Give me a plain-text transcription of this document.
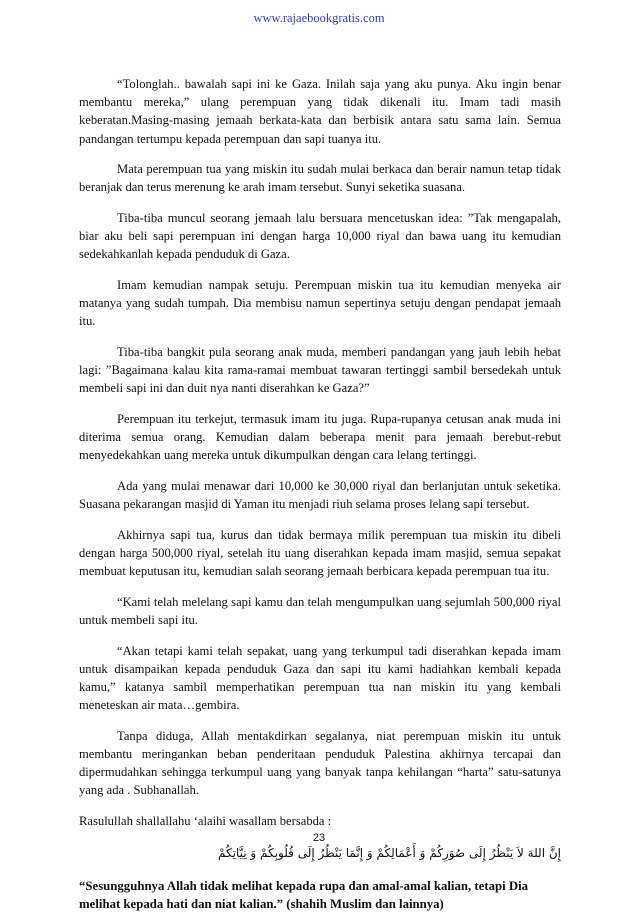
www.rajaebookgratis.com

“Tolonglah.. bawalah sapi ini ke Gaza. Inilah saja yang aku punya. Aku ingin benar membantu mereka,” ulang perempuan yang tidak dikenali itu. Imam tadi masih keberatan.Masing-masing jemaah berkata-kata dan berbisik antara satu sama lain. Semua pandangan tertumpu kepada perempuan dan sapi tuanya itu.

Mata perempuan tua yang miskin itu sudah mulai berkaca dan berair namun tetap tidak beranjak dan terus merenung ke arah imam tersebut. Sunyi seketika suasana.

Tiba-tiba muncul seorang jemaah lalu bersuara mencetuskan idea: ”Tak mengapalah, biar aku beli sapi perempuan ini dengan harga 10,000 riyal dan bawa uang itu kemudian sedekahkanlah kepada penduduk di Gaza.

Imam kemudian nampak setuju. Perempuan miskin tua itu kemudian menyeka air matanya yang sudah tumpah. Dia membisu namun sepertinya setuju dengan pendapat jemaah itu.

Tiba-tiba bangkit pula seorang anak muda, memberi pandangan yang jauh lebih hebat lagi: ”Bagaimana kalau kita rama-ramai membuat tawaran tertinggi sambil bersedekah untuk membeli sapi ini dan duit nya nanti diserahkan ke Gaza?”

Perempuan itu terkejut, termasuk imam itu juga. Rupa-rupanya cetusan anak muda ini diterima semua orang. Kemudian dalam beberapa menit para jemaah berebut-rebut menyedekahkan uang mereka untuk dikumpulkan dengan cara lelang tertinggi.

Ada yang mulai menawar dari 10,000 ke 30,000 riyal dan berlanjutan untuk seketika. Suasana pekarangan masjid di Yaman itu menjadi riuh selama proses lelang sapi tersebut.

Akhirnya sapi tua, kurus dan tidak bermaya milik perempuan tua miskin itu dibeli dengan harga 500,000 riyal, setelah itu uang diserahkan kepada imam masjid, semua sepakat membuat keputusan itu, kemudian salah seorang jemaah berbicara kepada perempuan tua itu.

“Kami telah melelang sapi kamu dan telah mengumpulkan uang sejumlah 500,000 riyal untuk membeli sapi itu.

“Akan tetapi kami telah sepakat, uang yang terkumpul tadi diserahkan kepada imam untuk disampaikan kepada penduduk Gaza dan sapi itu kami hadiahkan kembali kepada kamu,” katanya sambil memperhatikan perempuan tua nan miskin itu yang kembali meneteskan air mata…gembira.

Tanpa diduga, Allah mentakdirkan segalanya, niat perempuan miskin itu untuk membantu meringankan beban penderitaan penduduk Palestina akhirnya tercapai dan dipermudahkan sehingga terkumpul uang yang banyak tanpa kehilangan “harta” satu-satunya yang ada . Subhanallah.

Rasulullah shallallahu ‘alaihi wasallam bersabda :

إِنَّ اللهَ لاَ يَنْظُرُ إِلَى صُوَرِكُمْ وَ أَعْمَالِكُمْ وَ إِنَّمَا يَنْظُرُ إِلَى قُلُوبِكُمْ وَ نِيَّاتِكُمْ

“Sesungguhnya Allah tidak melihat kepada rupa dan amal-amal kalian, tetapi Dia melihat kepada hati dan niat kalian.” (shahih Muslim dan lainnya)

23
